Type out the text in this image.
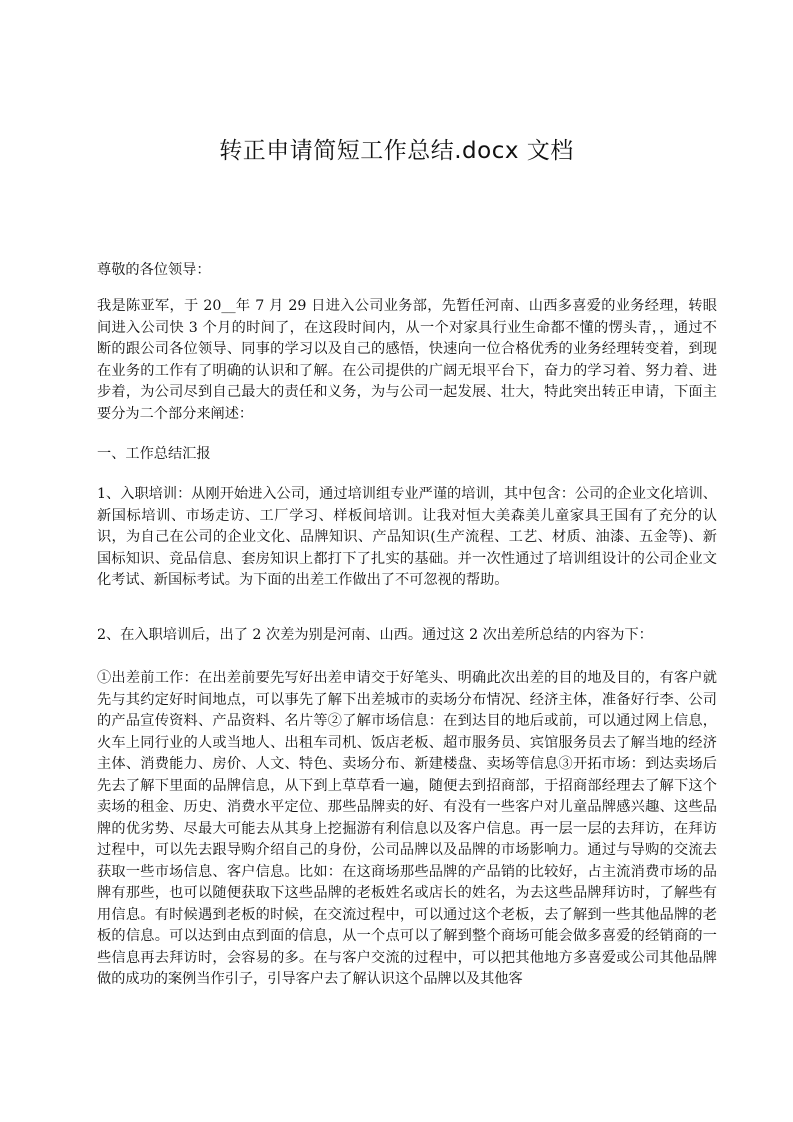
转正申请简短工作总结.docx 文档

尊敬的各位领导：

我是陈亚军，于 20__年 7 月 29 日进入公司业务部，先暂任河南、山西多喜爱的业务经理，转眼间进入公司快 3 个月的时间了，在这段时间内，从一个对家具行业生命都不懂的愣头青，，通过不断的跟公司各位领导、同事的学习以及自己的感悟，快速向一位合格优秀的业务经理转变着，到现在业务的工作有了明确的认识和了解。在公司提供的广阔无垠平台下，奋力的学习着、努力着、进步着，为公司尽到自己最大的责任和义务，为与公司一起发展、壮大，特此突出转正申请，下面主要分为二个部分来阐述：

一、工作总结汇报

1、入职培训：从刚开始进入公司，通过培训组专业严谨的培训，其中包含：公司的企业文化培训、新国标培训、市场走访、工厂学习、样板间培训。让我对恒大美森美儿童家具王国有了充分的认识，为自己在公司的企业文化、品牌知识、产品知识(生产流程、工艺、材质、油漆、五金等)、新国标知识、竞品信息、套房知识上都打下了扎实的基础。并一次性通过了培训组设计的公司企业文化考试、新国标考试。为下面的出差工作做出了不可忽视的帮助。

2、在入职培训后，出了 2 次差为别是河南、山西。通过这 2 次出差所总结的内容为下：

①出差前工作：在出差前要先写好出差申请交于好笔头、明确此次出差的目的地及目的，有客户就先与其约定好时间地点，可以事先了解下出差城市的卖场分布情况、经济主体，准备好行李、公司的产品宣传资料、产品资料、名片等②了解市场信息：在到达目的地后或前，可以通过网上信息，火车上同行业的人或当地人、出租车司机、饭店老板、超市服务员、宾馆服务员去了解当地的经济主体、消费能力、房价、人文、特色、卖场分布、新建楼盘、卖场等信息③开拓市场：到达卖场后先去了解下里面的品牌信息，从下到上草草看一遍，随便去到招商部，于招商部经理去了解下这个卖场的租金、历史、消费水平定位、那些品牌卖的好、有没有一些客户对儿童品牌感兴趣、这些品牌的优劣势、尽最大可能去从其身上挖掘游有利信息以及客户信息。再一层一层的去拜访，在拜访过程中，可以先去跟导购介绍自己的身份，公司品牌以及品牌的市场影响力。通过与导购的交流去获取一些市场信息、客户信息。比如：在这商场那些品牌的产品销的比较好，占主流消费市场的品牌有那些，也可以随便获取下这些品牌的老板姓名或店长的姓名，为去这些品牌拜访时，了解些有用信息。有时候遇到老板的时候，在交流过程中，可以通过这个老板，去了解到一些其他品牌的老板的信息。可以达到由点到面的信息，从一个点可以了解到整个商场可能会做多喜爱的经销商的一些信息再去拜访时，会容易的多。在与客户交流的过程中，可以把其他地方多喜爱或公司其他品牌做的成功的案例当作引子，引导客户去了解认识这个品牌以及其他客
